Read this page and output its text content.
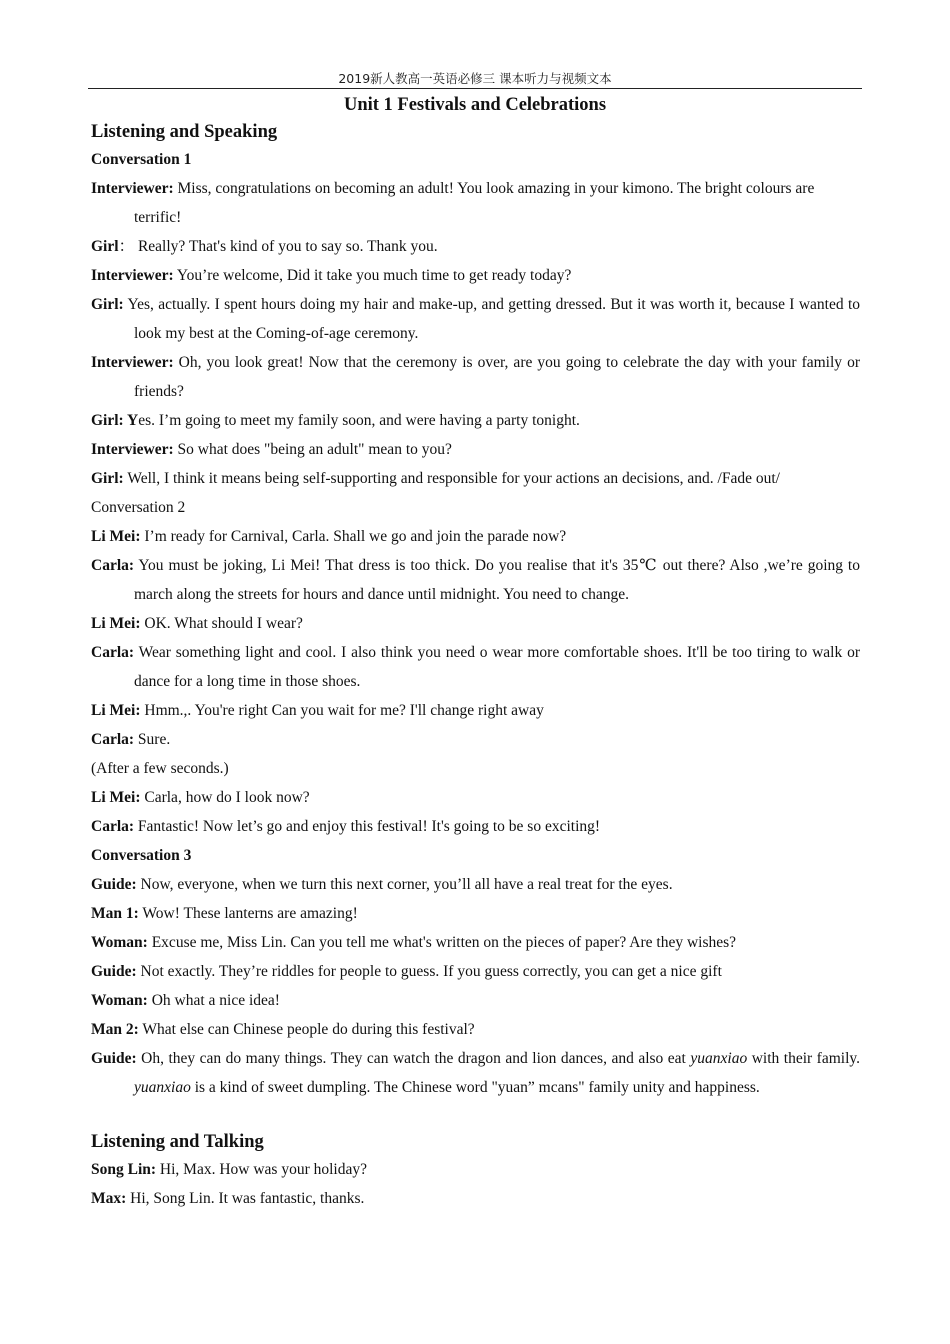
2019新人教高一英语必修三 课本听力与视频文本
Unit 1 Festivals and Celebrations
Listening and Speaking
Conversation 1
Interviewer: Miss, congratulations on becoming an adult! You look amazing in your kimono. The bright colours are terrific!
Girl： Really? That's kind of you to say so. Thank you.
Interviewer: You’re welcome, Did it take you much time to get ready today?
Girl: Yes, actually. I spent hours doing my hair and make-up, and getting dressed. But it was worth it, because I wanted to look my best at the Coming-of-age ceremony.
Interviewer: Oh, you look great! Now that the ceremony is over, are you going to celebrate the day with your family or friends?
Girl: Yes. I’m going to meet my family soon, and were having a party tonight.
Interviewer: So what does "being an adult" mean to you?
Girl: Well, I think it means being self-supporting and responsible for your actions an decisions, and. /Fade out/
Conversation 2
Li Mei: I’m ready for Carnival, Carla. Shall we go and join the parade now?
Carla: You must be joking, Li Mei! That dress is too thick. Do you realise that it's 35℃ out there? Also ,we’re going to march along the streets for hours and dance until midnight. You need to change.
Li Mei: OK. What should I wear?
Carla: Wear something light and cool. I also think you need o wear more comfortable shoes. It'll be too tiring to walk or dance for a long time in those shoes.
Li Mei: Hmm.,. You're right Can you wait for me? I'll change right away
Carla: Sure.
(After a few seconds.)
Li Mei: Carla, how do I look now?
Carla: Fantastic! Now let’s go and enjoy this festival! It's going to be so exciting!
Conversation 3
Guide: Now, everyone, when we turn this next corner, you’ll all have a real treat for the eyes.
Man 1: Wow! These lanterns are amazing!
Woman: Excuse me, Miss Lin. Can you tell me what's written on the pieces of paper? Are they wishes?
Guide: Not exactly. They’re riddles for people to guess. If you guess correctly, you can get a nice gift
Woman: Oh what a nice idea!
Man 2: What else can Chinese people do during this festival?
Guide: Oh, they can do many things. They can watch the dragon and lion dances, and also eat yuanxiao with their family. yuanxiao is a kind of sweet dumpling. The Chinese word "yuan” mcans" family unity and happiness.
Listening and Talking
Song Lin: Hi, Max. How was your holiday?
Max: Hi, Song Lin. It was fantastic, thanks.
